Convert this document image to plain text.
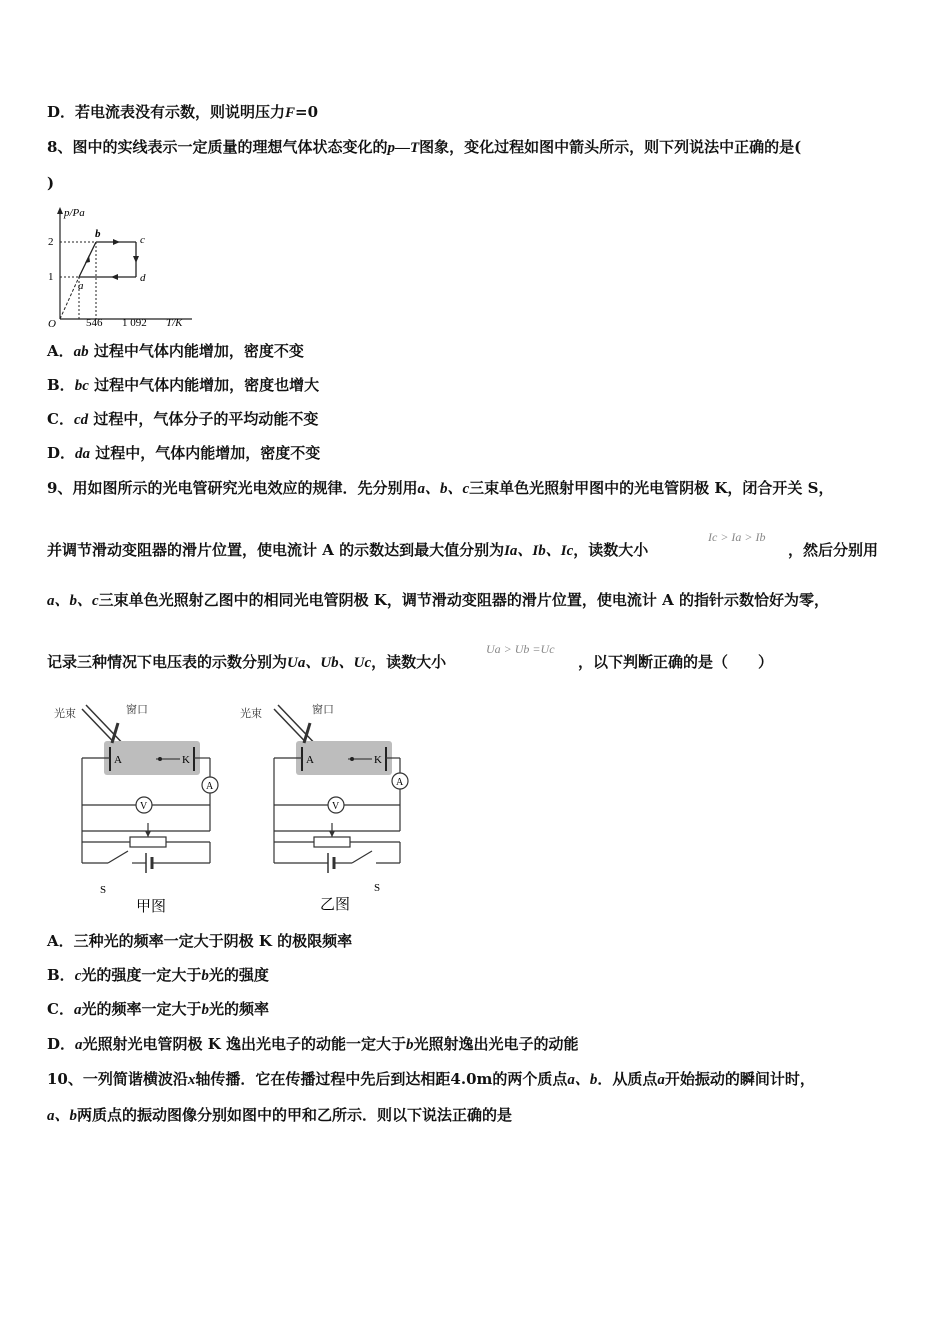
D．若电流表没有示数，则说明压力F=0
8、图中的实线表示一定质量的理想气体状态变化的p—T图象，变化过程如图中箭头所示，则下列说法中正确的是(
)
p/Pa
T/K
O
2
1
546 1 092
b	c
d
a
A．ab 过程中气体内能增加，密度不变
B．bc 过程中气体内能增加，密度也增大
C．cd 过程中，气体分子的平均动能不变
D．da 过程中，气体内能增加，密度不变
9、用如图所示的光电管研究光电效应的规律．先分别用a、b、c三束单色光照射甲图中的光电管阴极 K，闭合开关 S，
并调节滑动变阻器的滑片位置，使电流计 A 的示数达到最大值分别为Ia、Ib、Ic，读数大小
Ic > Ia > Ib
，然后分别用
a、b、c三束单色光照射乙图中的相同光电管阴极 K，调节滑动变阻器的滑片位置，使电流计 A 的指针示数恰好为零，
记录三种情况下电压表的示数分别为Ua、Ub、Uc，读数大小
Ua > Ub =Uc
，以下判断正确的是（　　）
光束	窗口
A	K
A
V
S
甲图
光束	窗口
A	K
A
V
S
乙图
A．三种光的频率一定大于阴极 K 的极限频率
B．c光的强度一定大于b光的强度
C．a光的频率一定大于b光的频率
D．a光照射光电管阴极 K 逸出光电子的动能一定大于b光照射逸出光电子的动能
10、一列简谐横波沿x轴传播．它在传播过程中先后到达相距4.0m的两个质点a、b．从质点a开始振动的瞬间计时，
a、b两质点的振动图像分别如图中的甲和乙所示．则以下说法正确的是
